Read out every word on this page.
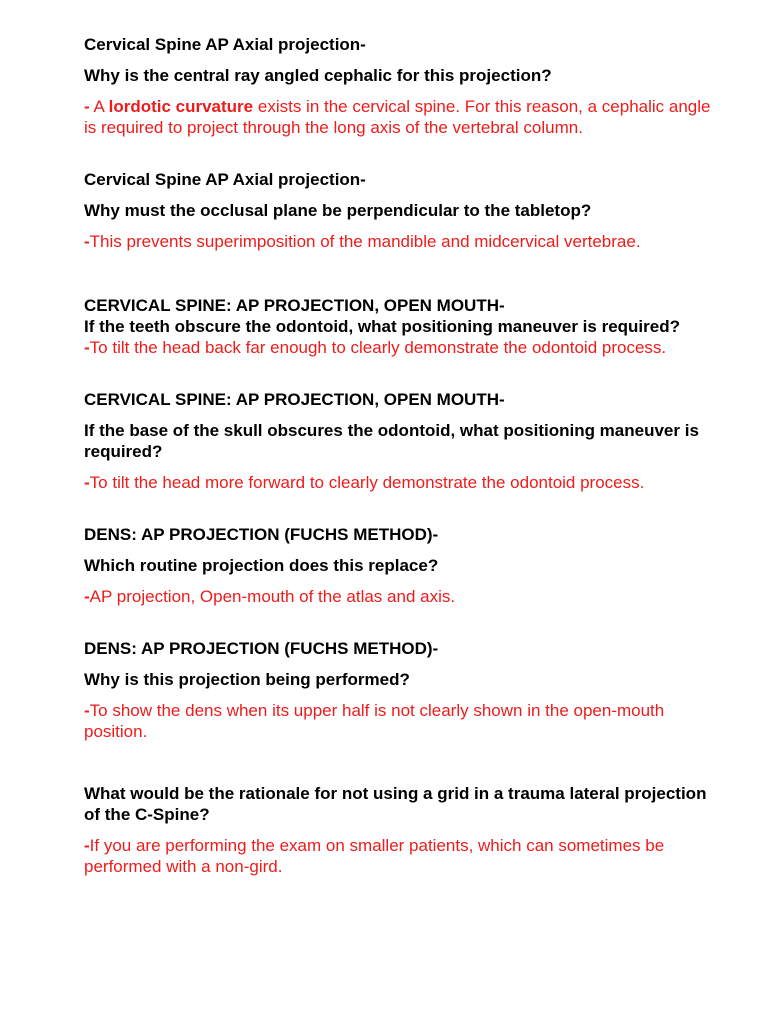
Cervical Spine AP Axial projection-

Why is the central ray angled cephalic for this projection?

- A lordotic curvature exists in the cervical spine. For this reason, a cephalic angle is required to project through the long axis of the vertebral column.

Cervical Spine AP Axial projection-

Why must the occlusal plane be perpendicular to the tabletop?

-This prevents superimposition of the mandible and midcervical vertebrae.

CERVICAL SPINE: AP PROJECTION, OPEN MOUTH-

If the teeth obscure the odontoid, what positioning maneuver is required?

-To tilt the head back far enough to clearly demonstrate the odontoid process.

CERVICAL SPINE: AP PROJECTION, OPEN MOUTH-

If the base of the skull obscures the odontoid, what positioning maneuver is required?

-To tilt the head more forward to clearly demonstrate the odontoid process.

DENS: AP PROJECTION (FUCHS METHOD)-

Which routine projection does this replace?

-AP projection, Open-mouth of the atlas and axis.

DENS: AP PROJECTION (FUCHS METHOD)-

Why is this projection being performed?

-To show the dens when its upper half is not clearly shown in the open-mouth position.

What would be the rationale for not using a grid in a trauma lateral projection of the C-Spine?

-If you are performing the exam on smaller patients, which can sometimes be performed with a non-gird.
